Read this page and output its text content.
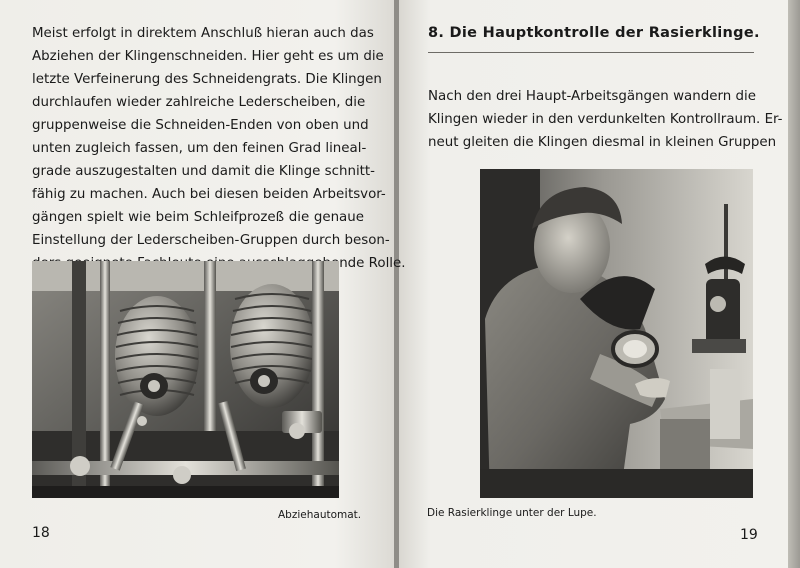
Meist erfolgt in direktem Anschluß hieran auch das
Abziehen der Klingenschneiden. Hier geht es um die
letzte Verfeinerung des Schneidengrats. Die Klingen
durchlaufen wieder zahlreiche Lederscheiben, die
gruppenweise die Schneiden-Enden von oben und
unten zugleich fassen, um den feinen Grad lineal-
grade auszugestalten und damit die Klinge schnitt-
fähig zu machen. Auch bei diesen beiden Arbeitsvor-
gängen spielt wie beim Schleifprozeß die genaue
Einstellung der Lederscheiben-Gruppen durch beson-

Abziehautomat.

18

8. Die Hauptkontrolle der Rasierklinge.

Nach den drei Haupt-Arbeitsgängen wandern die
Klingen wieder in den verdunkelten Kontrollraum. Er-
neut gleiten die Klingen diesmal in kleinen Gruppen

Die Rasierklinge unter der Lupe.

19
